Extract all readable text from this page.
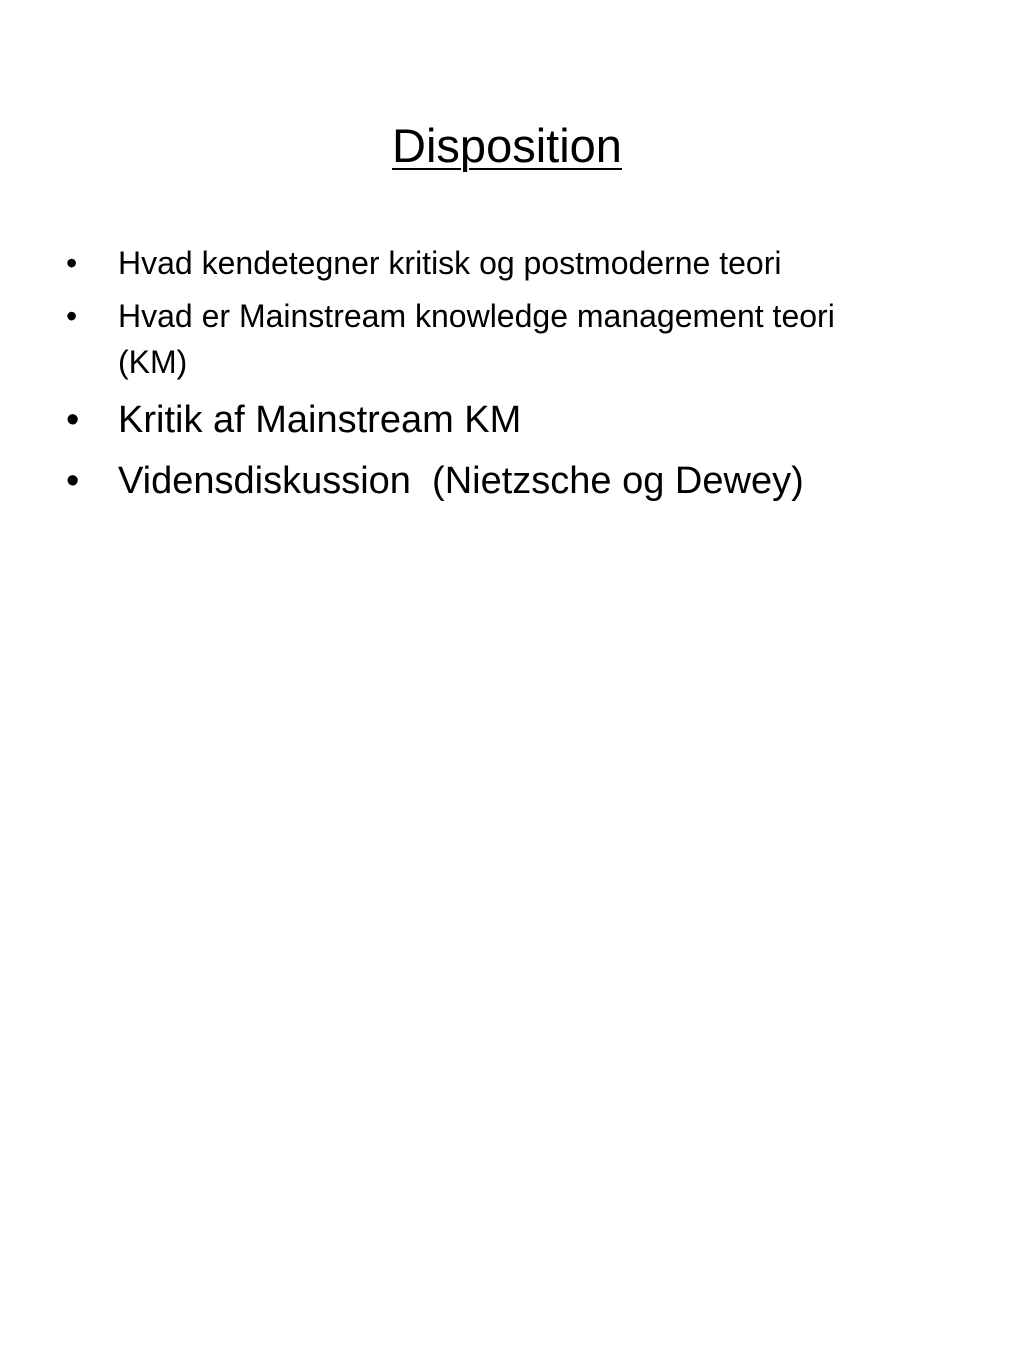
Disposition
• Hvad kendetegner kritisk og postmoderne teori
• Hvad er Mainstream knowledge management teori (KM)
• Kritik af Mainstream KM
• Vidensdiskussion  (Nietzsche og Dewey)
